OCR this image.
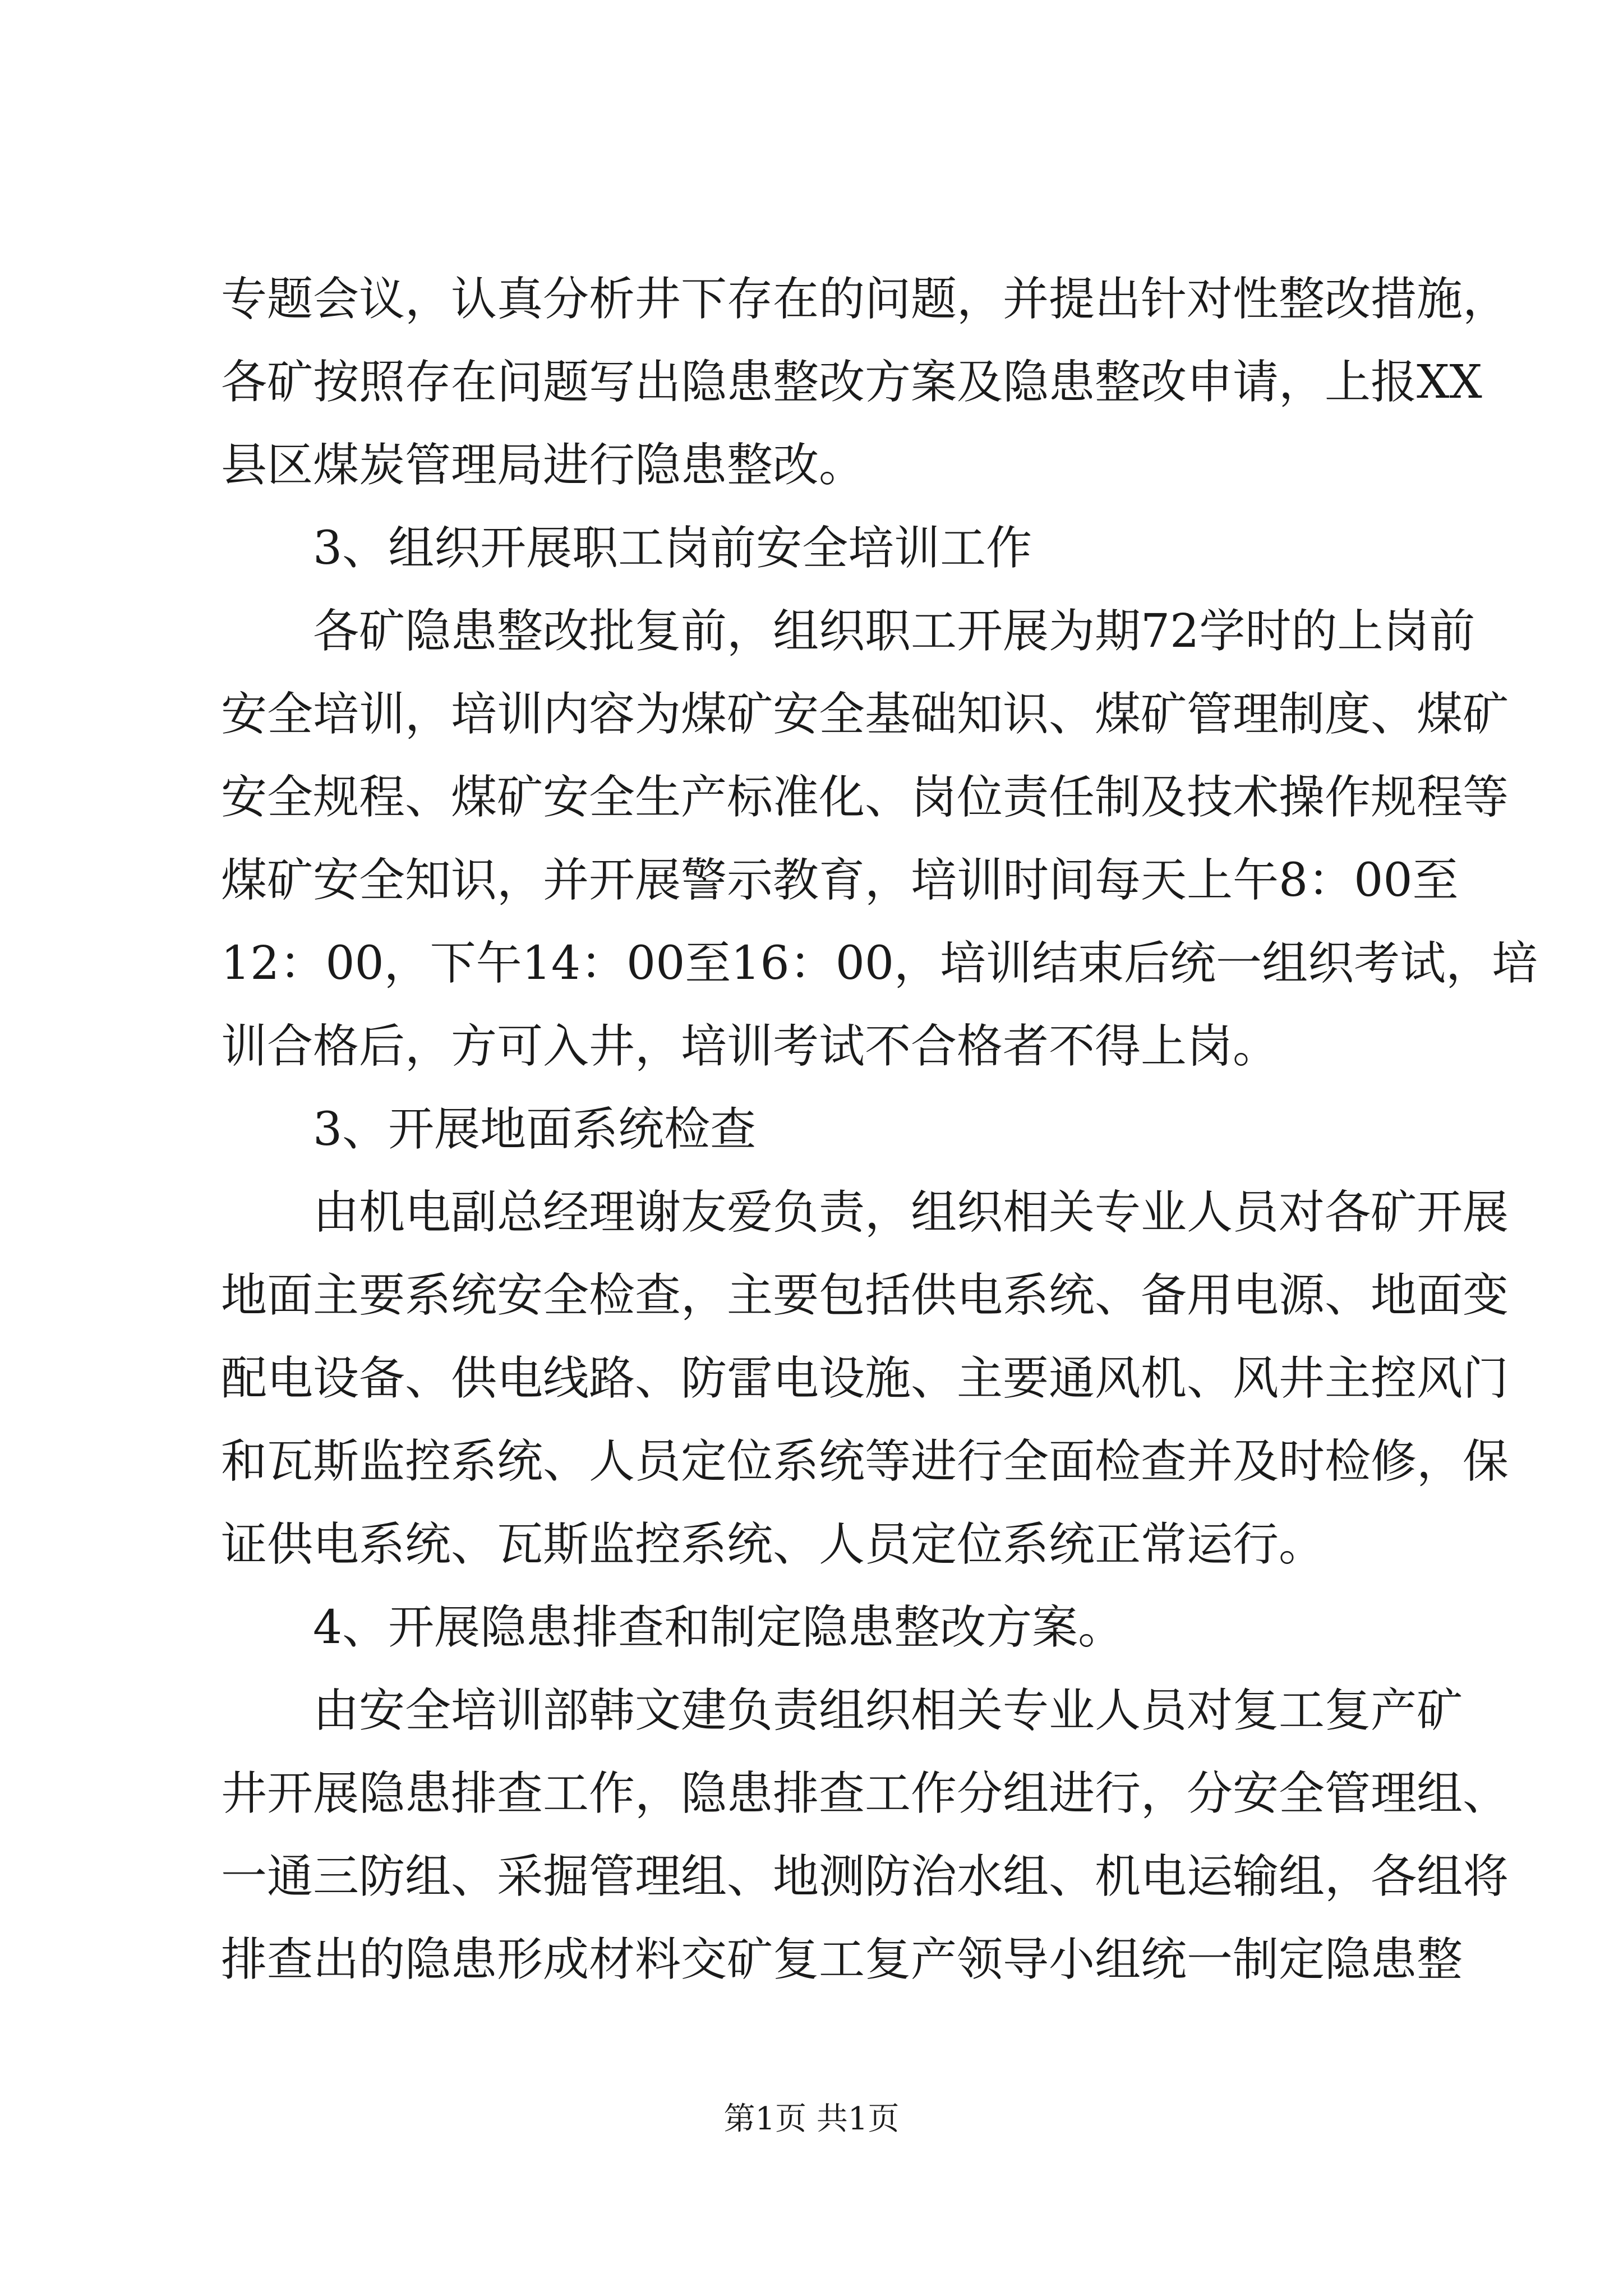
专题会议，认真分析井下存在的问题，并提出针对性整改措施，
各矿按照存在问题写出隐患整改方案及隐患整改申请，上报XX
县区煤炭管理局进行隐患整改。
3、组织开展职工岗前安全培训工作
各矿隐患整改批复前，组织职工开展为期72学时的上岗前
安全培训，培训内容为煤矿安全基础知识、煤矿管理制度、煤矿
安全规程、煤矿安全生产标准化、岗位责任制及技术操作规程等
煤矿安全知识，并开展警示教育，培训时间每天上午8：00至
12：00，下午14：00至16：00，培训结束后统一组织考试，培
训合格后，方可入井，培训考试不合格者不得上岗。
3、开展地面系统检查
由机电副总经理谢友爱负责，组织相关专业人员对各矿开展
地面主要系统安全检查，主要包括供电系统、备用电源、地面变
配电设备、供电线路、防雷电设施、主要通风机、风井主控风门
和瓦斯监控系统、人员定位系统等进行全面检查并及时检修，保
证供电系统、瓦斯监控系统、人员定位系统正常运行。
4、开展隐患排查和制定隐患整改方案。
由安全培训部韩文建负责组织相关专业人员对复工复产矿
井开展隐患排查工作，隐患排查工作分组进行，分安全管理组、
一通三防组、采掘管理组、地测防治水组、机电运输组，各组将
排查出的隐患形成材料交矿复工复产领导小组统一制定隐患整
第1页 共1页
